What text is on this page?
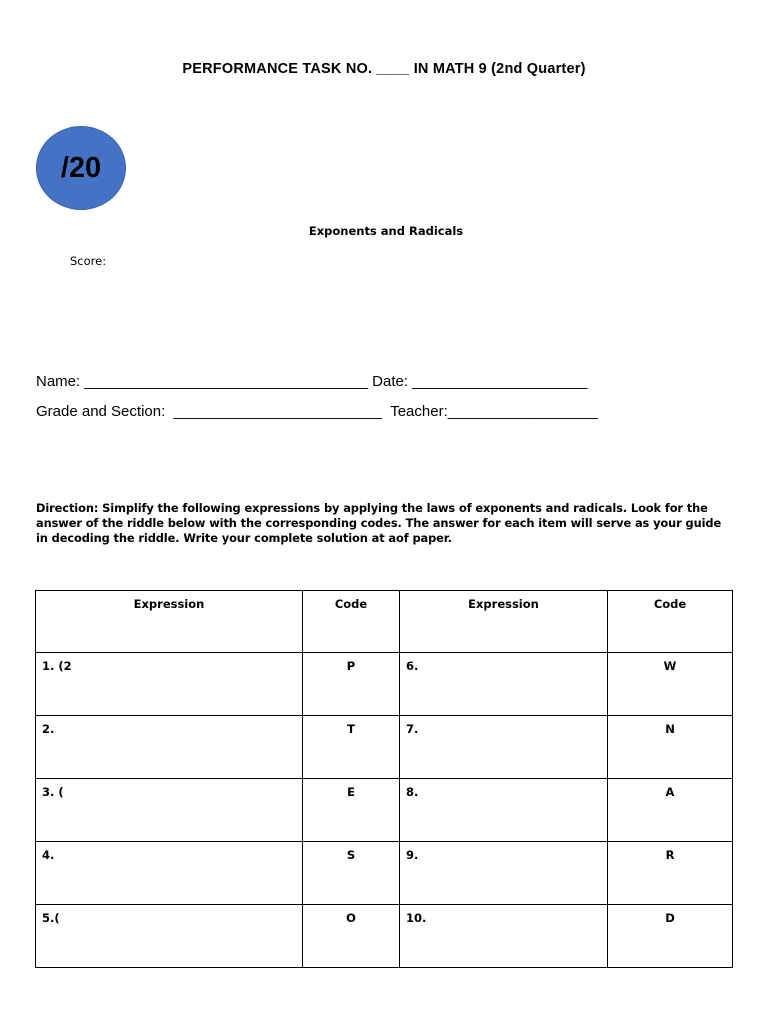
PERFORMANCE TASK NO. ____ IN MATH 9 (2nd Quarter)
/20
Exponents and Radicals
Score:
Name: __________________________________ Date: _____________________
Grade and Section:  _________________________  Teacher:__________________
Direction: Simplify the following expressions by applying the laws of exponents and radicals. Look for the answer of the riddle below with the corresponding codes. The answer for each item will serve as your guide in decoding the riddle. Write your complete solution at aof paper.
Expression	Code	Expression	Code
1. (2	P	6.	W
2.	T	7.	N
3. (	E	8.	A
4.	S	9.	R
5.(	O	10.	D
